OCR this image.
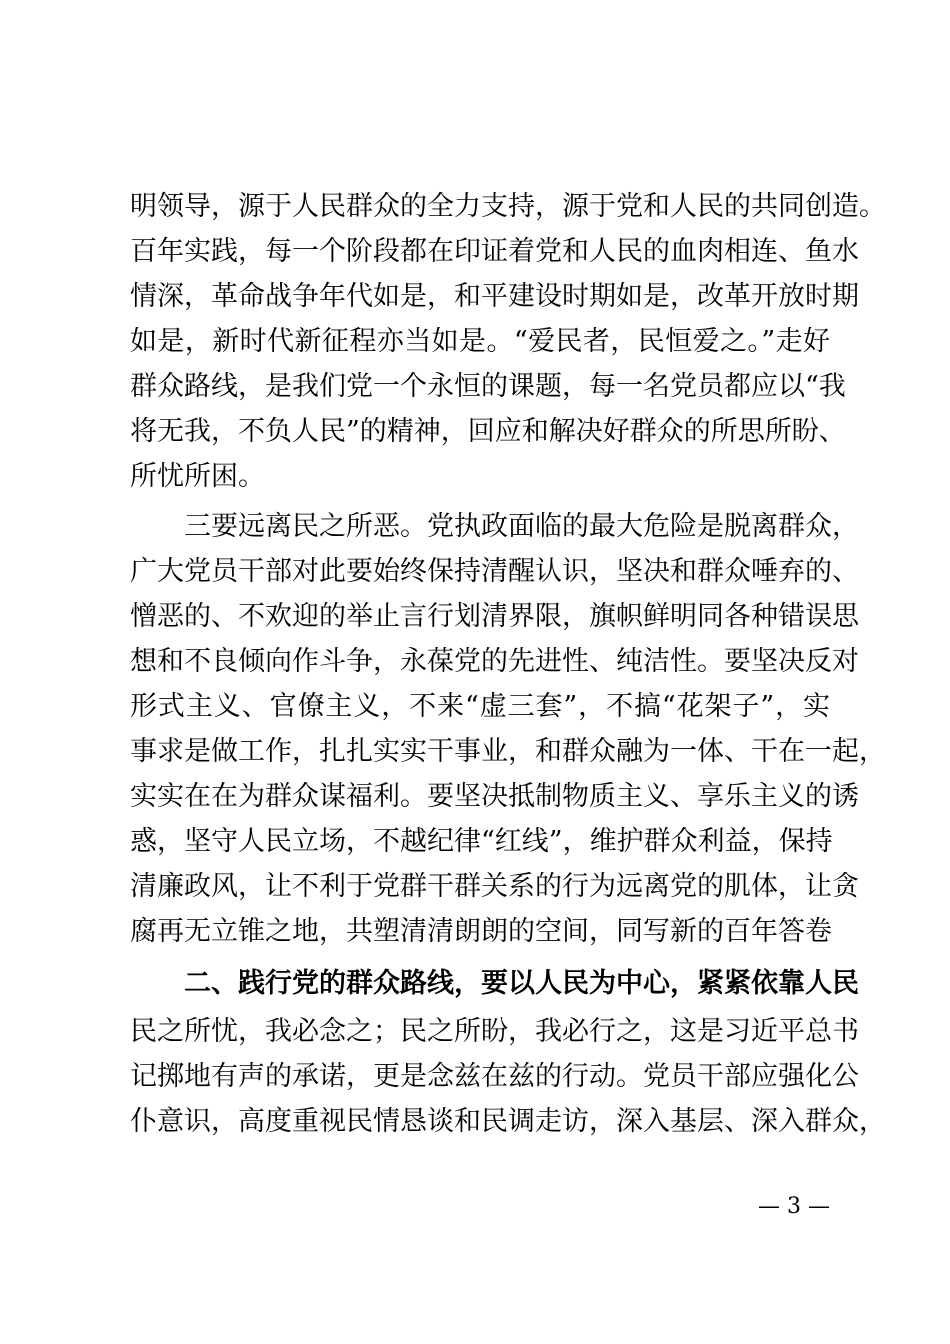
明领导，源于人民群众的全力支持，源于党和人民的共同创造。
百年实践，每一个阶段都在印证着党和人民的血肉相连、鱼水
情深，革命战争年代如是，和平建设时期如是，改革开放时期
如是，新时代新征程亦当如是。“爱民者，民恒爱之。”走好
群众路线，是我们党一个永恒的课题，每一名党员都应以“我
将无我，不负人民”的精神，回应和解决好群众的所思所盼、
所忧所困。
三要远离民之所恶。党执政面临的最大危险是脱离群众，
广大党员干部对此要始终保持清醒认识，坚决和群众唾弃的、
憎恶的、不欢迎的举止言行划清界限，旗帜鲜明同各种错误思
想和不良倾向作斗争，永葆党的先进性、纯洁性。要坚决反对
形式主义、官僚主义，不来“虚三套”，不搞“花架子”，实
事求是做工作，扎扎实实干事业，和群众融为一体、干在一起，
实实在在为群众谋福利。要坚决抵制物质主义、享乐主义的诱
惑，坚守人民立场，不越纪律“红线”，维护群众利益，保持
清廉政风，让不利于党群干群关系的行为远离党的肌体，让贪
腐再无立锥之地，共塑清清朗朗的空间，同写新的百年答卷
二、践行党的群众路线，要以人民为中心，紧紧依靠人民
民之所忧，我必念之；民之所盼，我必行之，这是习近平总书
记掷地有声的承诺，更是念兹在兹的行动。党员干部应强化公
仆意识，高度重视民情恳谈和民调走访，深入基层、深入群众，
— 3 —
